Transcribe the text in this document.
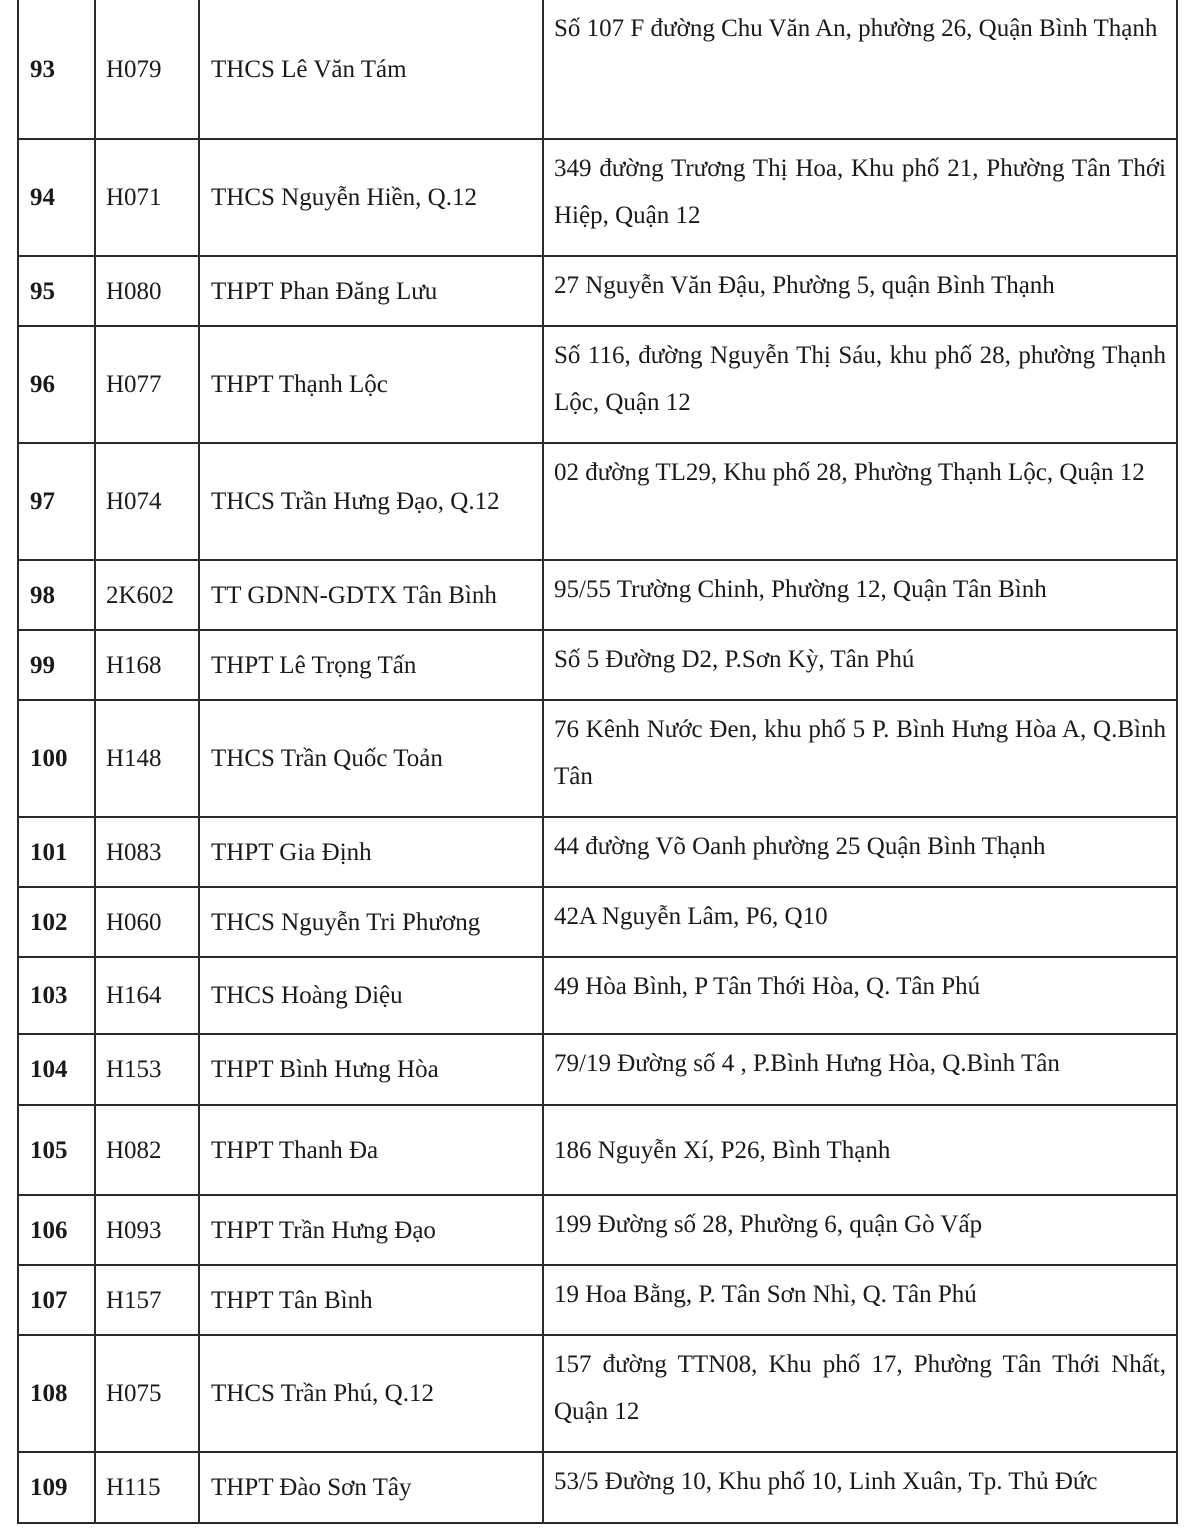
93	H079	THCS Lê Văn Tám	Số 107 F đường Chu Văn An, phường 26, Quận Bình Thạnh
94	H071	THCS Nguyễn Hiền, Q.12	349 đường Trương Thị Hoa, Khu phố 21, Phường Tân Thới Hiệp, Quận 12
95	H080	THPT Phan Đăng Lưu	27 Nguyễn Văn Đậu, Phường 5, quận Bình Thạnh
96	H077	THPT Thạnh Lộc	Số 116, đường Nguyễn Thị Sáu, khu phố 28, phường Thạnh Lộc, Quận 12
97	H074	THCS Trần Hưng Đạo, Q.12	02 đường TL29, Khu phố 28, Phường Thạnh Lộc, Quận 12
98	2K602	TT GDNN-GDTX Tân Bình	95/55 Trường Chinh, Phường 12, Quận Tân Bình
99	H168	THPT Lê Trọng Tấn	Số 5 Đường D2, P.Sơn Kỳ, Tân Phú
100	H148	THCS Trần Quốc Toản	76 Kênh Nước Đen, khu phố 5 P. Bình Hưng Hòa A, Q.Bình Tân
101	H083	THPT Gia Định	44 đường Võ Oanh phường 25 Quận Bình Thạnh
102	H060	THCS Nguyễn Tri Phương	42A Nguyễn Lâm, P6, Q10
103	H164	THCS Hoàng Diệu	49 Hòa Bình, P Tân Thới Hòa, Q. Tân Phú
104	H153	THPT Bình Hưng Hòa	79/19 Đường số 4 , P.Bình Hưng Hòa, Q.Bình Tân
105	H082	THPT Thanh Đa	186 Nguyễn Xí, P26, Bình Thạnh
106	H093	THPT Trần Hưng Đạo	199 Đường số 28, Phường 6, quận Gò Vấp
107	H157	THPT Tân Bình	19 Hoa Bằng, P. Tân Sơn Nhì, Q. Tân Phú
108	H075	THCS Trần Phú, Q.12	157 đường TTN08, Khu phố 17, Phường Tân Thới Nhất, Quận 12
109	H115	THPT Đào Sơn Tây	53/5 Đường 10, Khu phố 10, Linh Xuân, Tp. Thủ Đức
